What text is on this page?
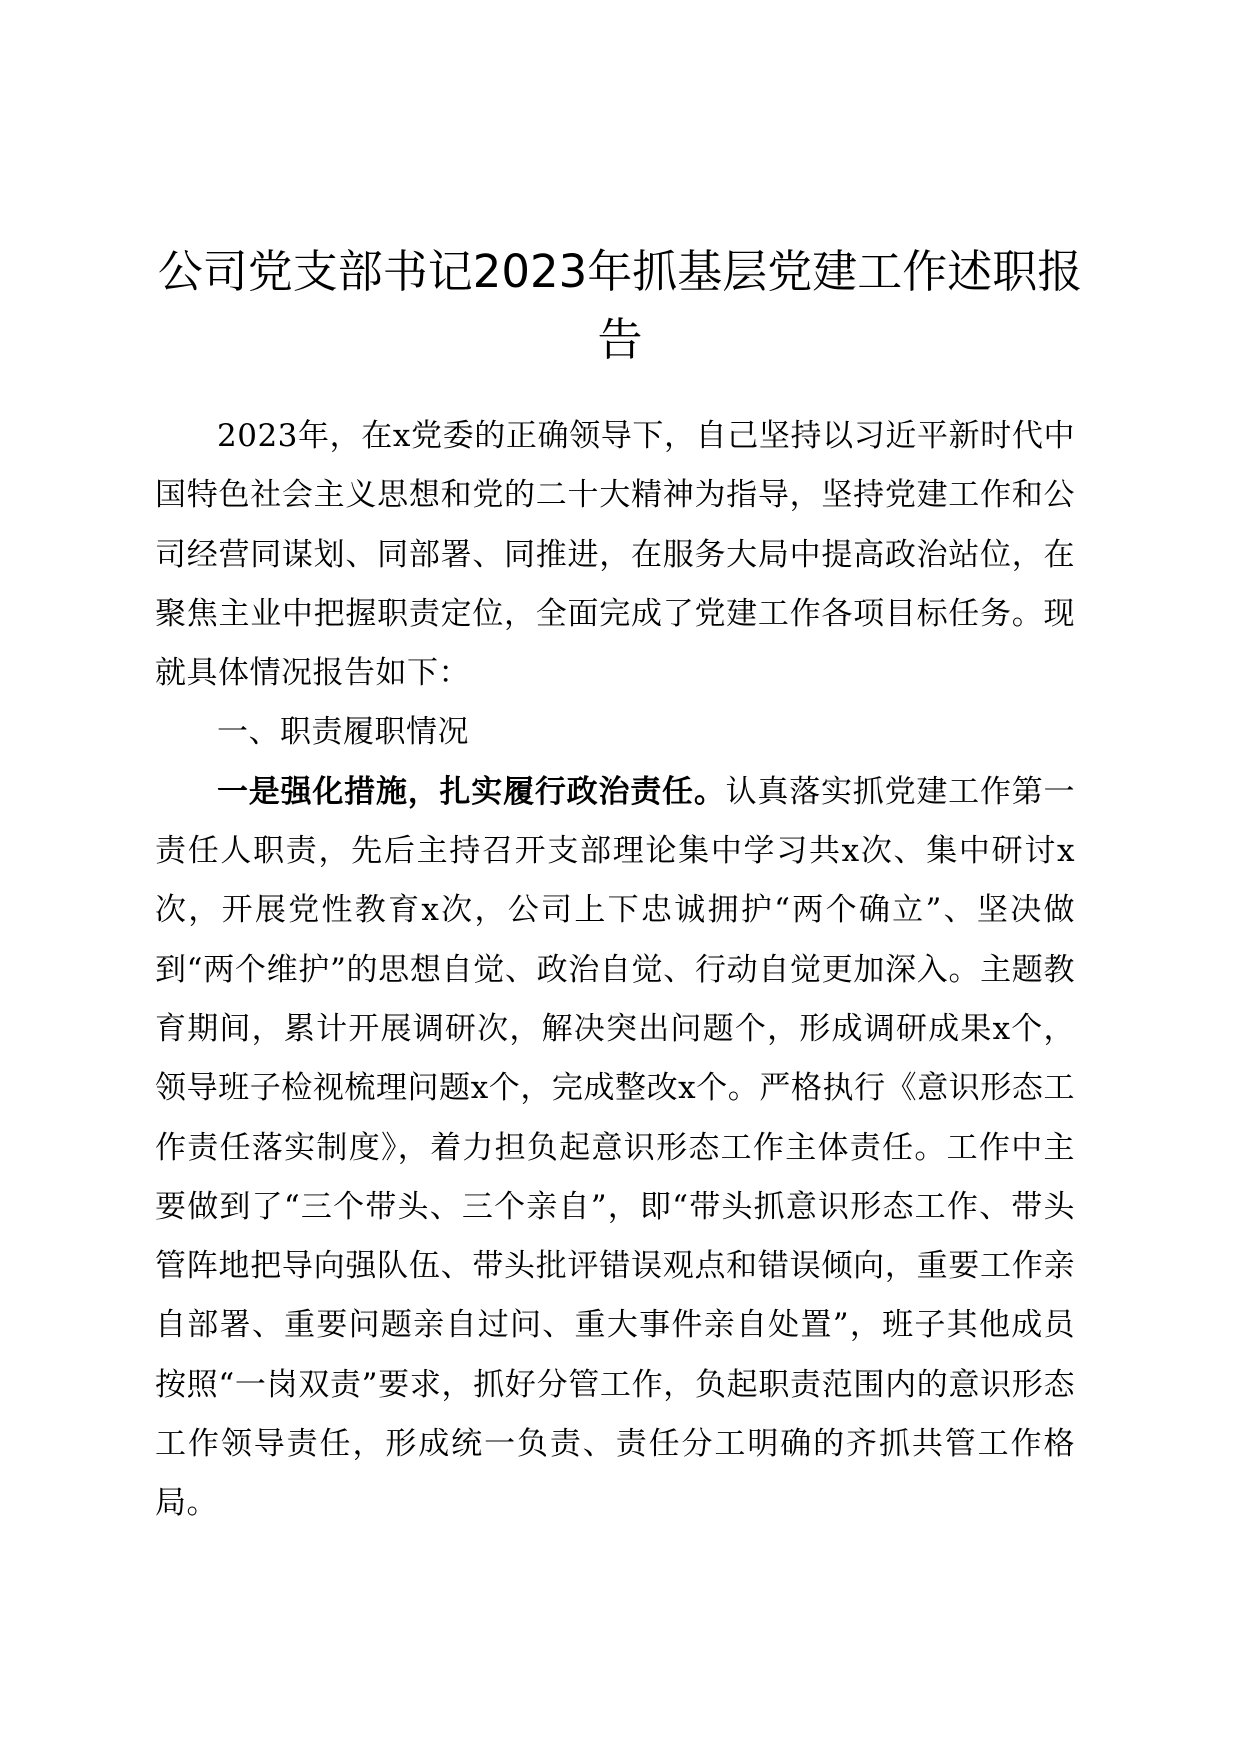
公司党支部书记2023年抓基层党建工作述职报告

2023年，在x党委的正确领导下，自己坚持以习近平新时代中国特色社会主义思想和党的二十大精神为指导，坚持党建工作和公司经营同谋划、同部署、同推进，在服务大局中提高政治站位，在聚焦主业中把握职责定位，全面完成了党建工作各项目标任务。现就具体情况报告如下：

一、职责履职情况

一是强化措施，扎实履行政治责任。认真落实抓党建工作第一责任人职责，先后主持召开支部理论集中学习共x次、集中研讨x次，开展党性教育x次，公司上下忠诚拥护“两个确立”、坚决做到“两个维护”的思想自觉、政治自觉、行动自觉更加深入。主题教育期间，累计开展调研次，解决突出问题个，形成调研成果x个，领导班子检视梳理问题x个，完成整改x个。严格执行《意识形态工作责任落实制度》，着力担负起意识形态工作主体责任。工作中主要做到了“三个带头、三个亲自”，即“带头抓意识形态工作、带头管阵地把导向强队伍、带头批评错误观点和错误倾向，重要工作亲自部署、重要问题亲自过问、重大事件亲自处置”，班子其他成员按照“一岗双责”要求，抓好分管工作，负起职责范围内的意识形态工作领导责任，形成统一负责、责任分工明确的齐抓共管工作格局。
